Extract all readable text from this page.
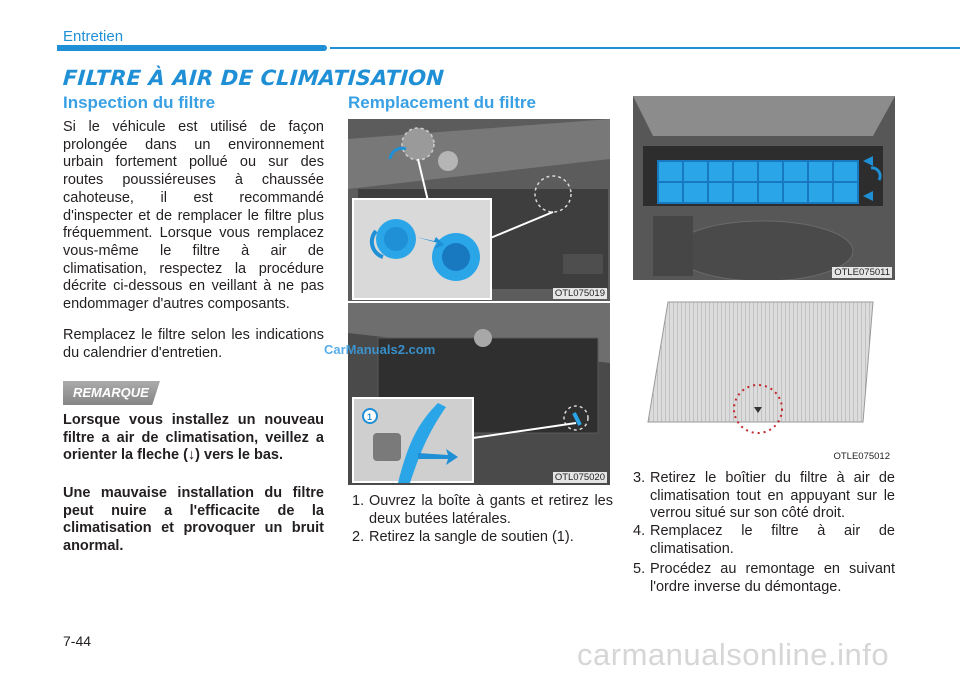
Entretien
FILTRE À AIR DE CLIMATISATION
Inspection du filtre
Si le véhicule est utilisé de façon prolongée dans un environnement urbain fortement pollué ou sur des routes poussiéreuses à chaussée cahoteuse, il est recommandé d'inspecter et de remplacer le filtre plus fréquemment. Lorsque vous remplacez vous-même le filtre à air de climatisation, respectez la procédure décrite ci-dessous en veillant à ne pas endommager d'autres composants.
Remplacez le filtre selon les indications du calendrier d'entretien.
REMARQUE
Lorsque vous installez un nouveau filtre a air de climatisation, veillez a orienter la fleche (↓) vers le bas.
Une mauvaise installation du filtre peut nuire a l'efficacite de la climatisation et provoquer un bruit anormal.
Remplacement du filtre
OTL075019
1
OTL075020
1. Ouvrez la boîte à gants et retirez les deux butées latérales.
2. Retirez la sangle de soutien (1).
OTLE075011
OTLE075012
3. Retirez le boîtier du filtre à air de climatisation tout en appuyant sur le verrou situé sur son côté droit.
4. Remplacez le filtre à air de climatisation.
5. Procédez au remontage en suivant l'ordre inverse du démontage.
CarManuals2.com
7-44	carmanualsonline.info
